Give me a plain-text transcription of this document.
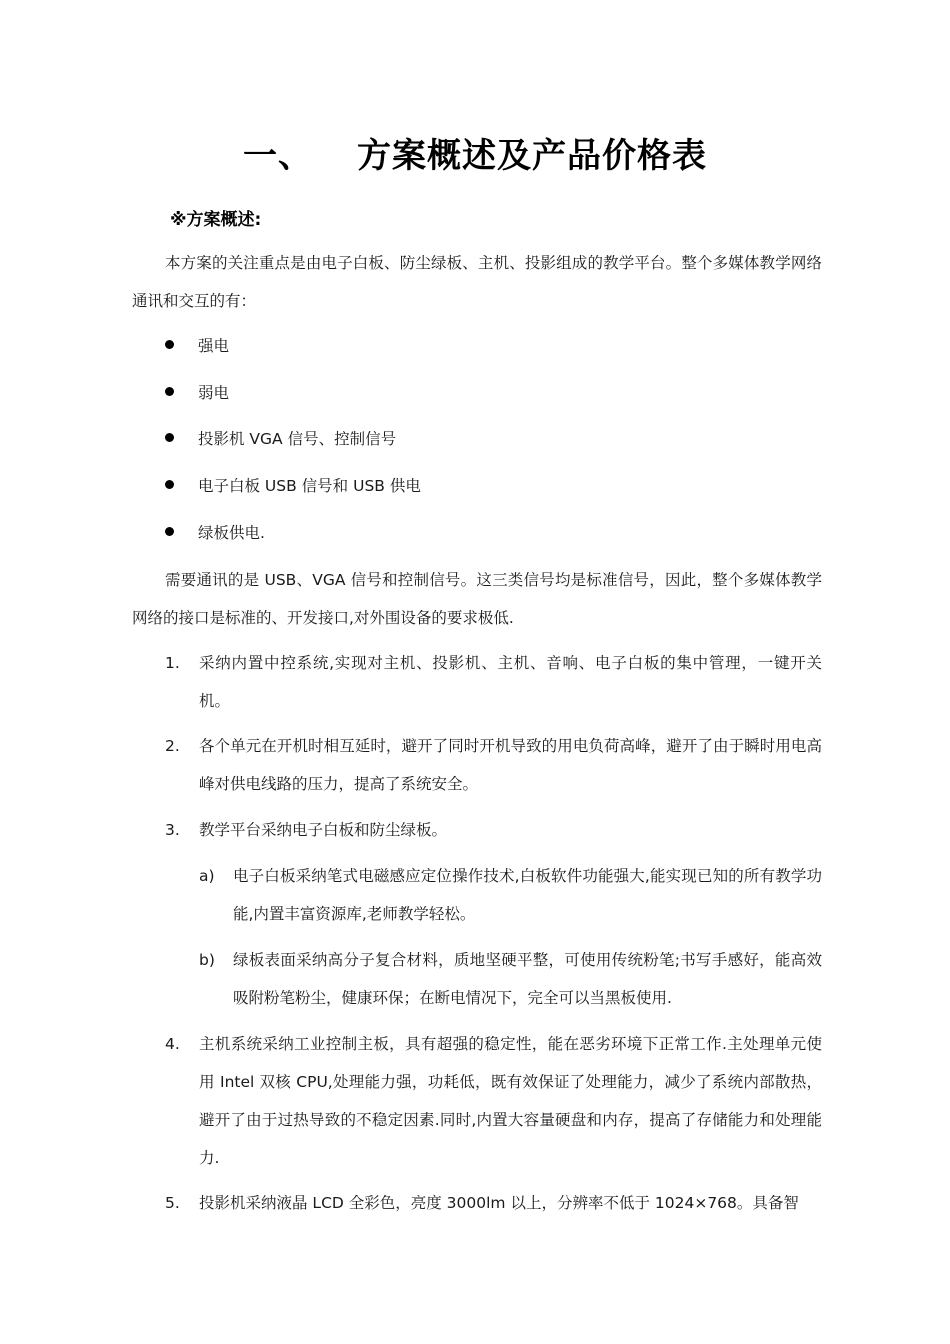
一、 方案概述及产品价格表
※方案概述:
本方案的关注重点是由电子白板、防尘绿板、主机、投影组成的教学平台。整个多媒体教学网络通讯和交互的有：
强电
弱电
投影机 VGA 信号、控制信号
电子白板 USB 信号和 USB 供电
绿板供电.
需要通讯的是 USB、VGA 信号和控制信号。这三类信号均是标准信号，因此，整个多媒体教学网络的接口是标准的、开发接口,对外围设备的要求极低.
1.	采纳内置中控系统,实现对主机、投影机、主机、音响、电子白板的集中管理，一键开关机。
2.	各个单元在开机时相互延时，避开了同时开机导致的用电负荷高峰，避开了由于瞬时用电高峰对供电线路的压力，提高了系统安全。
3.	教学平台采纳电子白板和防尘绿板。
a)	电子白板采纳笔式电磁感应定位操作技术,白板软件功能强大,能实现已知的所有教学功能,内置丰富资源库,老师教学轻松。
b)	绿板表面采纳高分子复合材料，质地坚硬平整，可使用传统粉笔;书写手感好，能高效吸附粉笔粉尘，健康环保；在断电情况下，完全可以当黑板使用.
4.	主机系统采纳工业控制主板，具有超强的稳定性，能在恶劣环境下正常工作.主处理单元使用 Intel 双核 CPU,处理能力强，功耗低，既有效保证了处理能力，减少了系统内部散热，避开了由于过热导致的不稳定因素.同时,内置大容量硬盘和内存，提高了存储能力和处理能力.
5.	投影机采纳液晶 LCD 全彩色，亮度 3000lm 以上，分辨率不低于 1024×768。具备智
